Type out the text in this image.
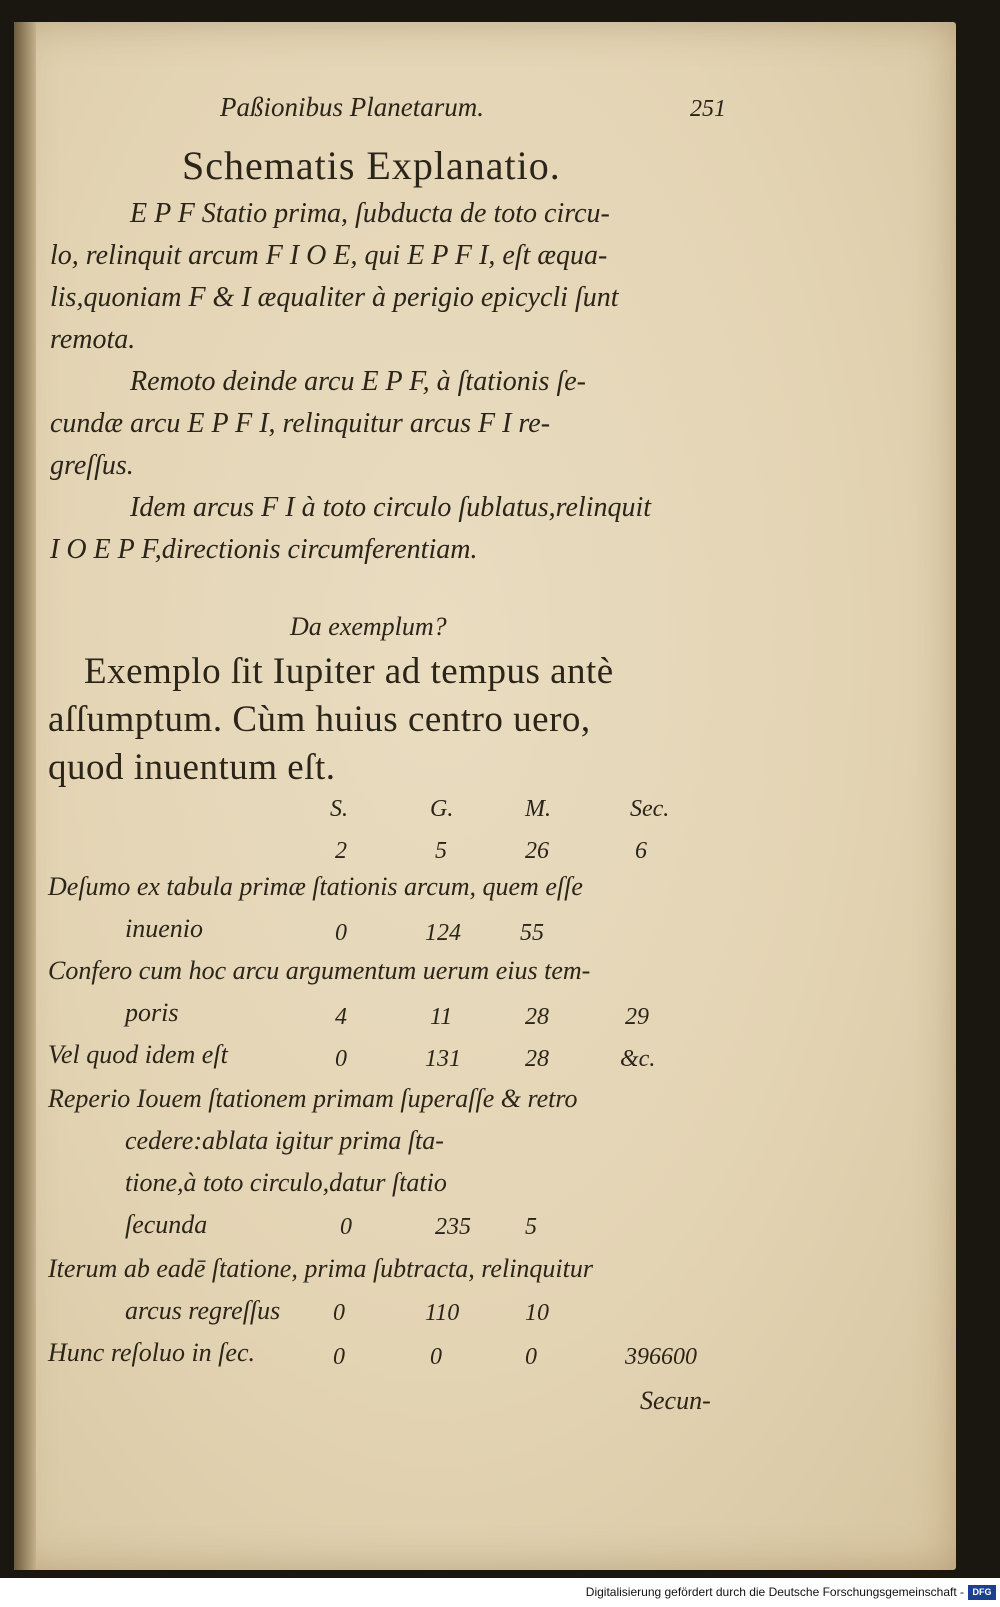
Paßionibus Planetarum.	251
Schematis Explanatio.
E P F Statio prima, ſubducta de toto circu-
lo, relinquit arcum F I O E, qui E P F I, eſt æqua-
lis,quoniam F & I æqualiter à perigio epicycli ſunt
remota.
Remoto deinde arcu E P F, à ſtationis ſe-
cundæ arcu E P F I, relinquitur arcus F I re-
greſſus.
Idem arcus F I à toto circulo ſublatus,relinquit
I O E P F,directionis circumferentiam.
Da exemplum?
Exemplo ſit Iupiter ad tempus antè
aſſumptum. Cùm huius centro uero,
quod inuentum eſt.
S.	G.	M.	Sec.
2	5	26	6
Deſumo ex tabula primæ ſtationis arcum, quem eſſe
inuenio	0	124 55
Confero cum hoc arcu argumentum uerum eius tem-
poris	4	11	28	29
Vel quod idem eſt	0	131	28	&c.
Reperio Iouem ſtationem primam ſuperaſſe & retro
cedere:ablata igitur prima ſta-
tione,à toto circulo,datur ſtatio
ſecunda	0	235 5
Iterum ab eadē ſtatione, prima ſubtracta, relinquitur
arcus regreſſus 0	110	10
Hunc reſoluo in ſec.	0	0	0	396600
Secun-
Digitalisierung gefördert durch die Deutsche Forschungsgemeinschaft - DFG
